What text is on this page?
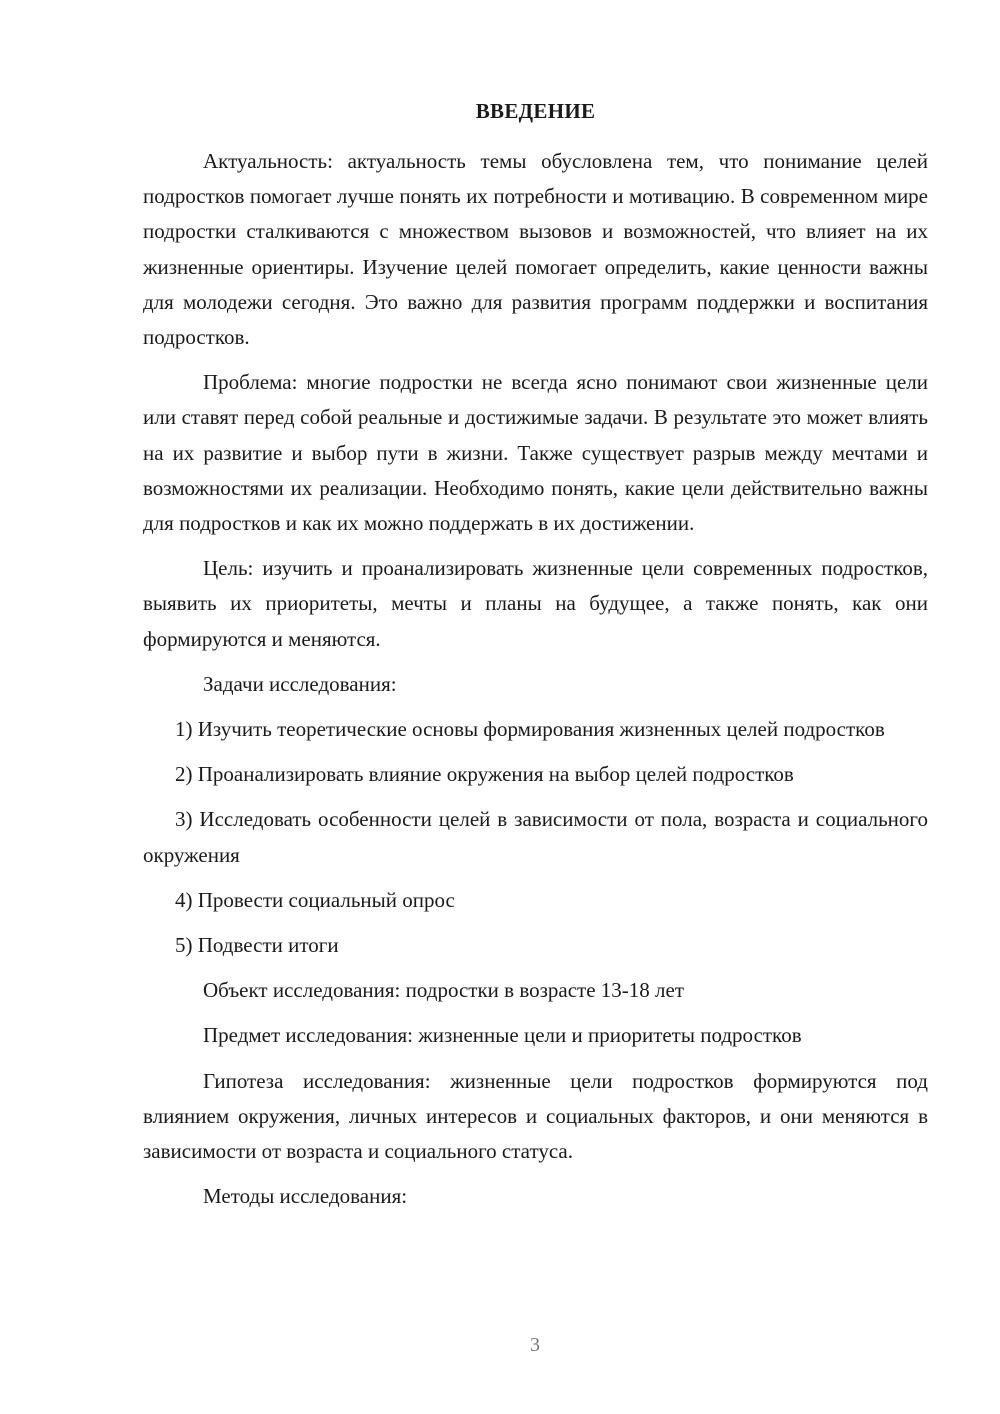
ВВЕДЕНИЕ

Актуальность: актуальность темы обусловлена тем, что понимание целей подростков помогает лучше понять их потребности и мотивацию. В современном мире подростки сталкиваются с множеством вызовов и возможностей, что влияет на их жизненные ориентиры. Изучение целей помогает определить, какие ценности важны для молодежи сегодня. Это важно для развития программ поддержки и воспитания подростков.

Проблема: многие подростки не всегда ясно понимают свои жизненные цели или ставят перед собой реальные и достижимые задачи. В результате это может влиять на их развитие и выбор пути в жизни. Также существует разрыв между мечтами и возможностями их реализации. Необходимо понять, какие цели действительно важны для подростков и как их можно поддержать в их достижении.

Цель: изучить и проанализировать жизненные цели современных подростков, выявить их приоритеты, мечты и планы на будущее, а также понять, как они формируются и меняются.

Задачи исследования:

1) Изучить теоретические основы формирования жизненных целей подростков
2) Проанализировать влияние окружения на выбор целей подростков
3) Исследовать особенности целей в зависимости от пола, возраста и социального окружения
4) Провести социальный опрос
5) Подвести итоги

Объект исследования: подростки в возрасте 13-18 лет

Предмет исследования: жизненные цели и приоритеты подростков

Гипотеза исследования: жизненные цели подростков формируются под влиянием окружения, личных интересов и социальных факторов, и они меняются в зависимости от возраста и социального статуса.

Методы исследования:

3
